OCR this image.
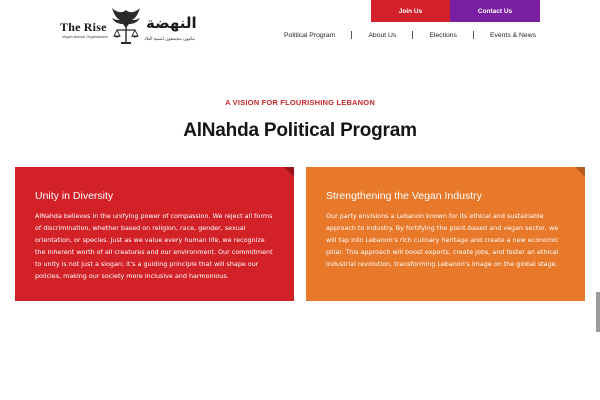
The Rise
Vegan Animal Organisation
النهضة
نباتيون مجتمعون لتنمية البلاد
Join Us	Contact Us
Political Program	About Us	Elections	Events & News
A VISION FOR FLOURISHING LEBANON
AlNahda Political Program
Unity in Diversity

AlNahda believes in the unifying power of compassion. We reject all forms of discrimination, whether based on religion, race, gender, sexual orientation, or species. Just as we value every human life, we recognize the inherent worth of all creatures and our environment. Our commitment to unity is not just a slogan; it's a guiding principle that will shape our policies, making our society more inclusive and harmonious.

Strengthening the Vegan Industry

Our party envisions a Lebanon known for its ethical and sustainable approach to industry. By fortifying the plant-based and vegan sector, we will tap into Lebanon's rich culinary heritage and create a new economic pillar. This approach will boost exports, create jobs, and foster an ethical industrial revolution, transforming Lebanon's image on the global stage.
